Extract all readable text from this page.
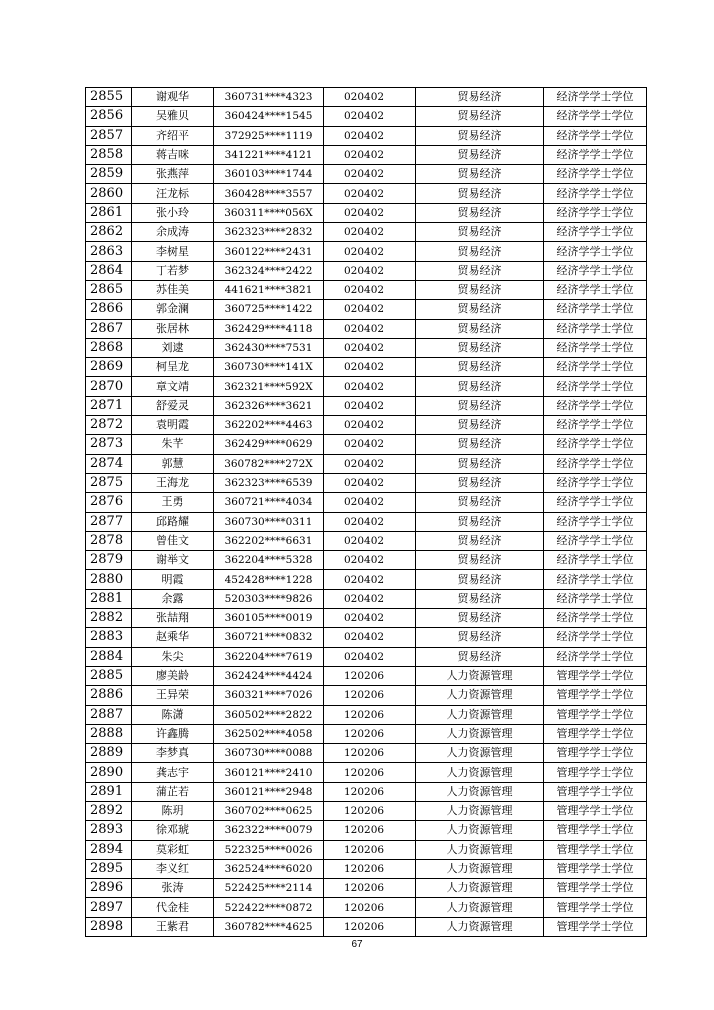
2855	谢观华	360731****4323	020402	贸易经济	经济学学士学位
2856	吴雅贝	360424****1545	020402	贸易经济	经济学学士学位
2857	齐绍平	372925****1119	020402	贸易经济	经济学学士学位
2858	蒋吉咪	341221****4121	020402	贸易经济	经济学学士学位
2859	张燕萍	360103****1744	020402	贸易经济	经济学学士学位
2860	汪龙标	360428****3557	020402	贸易经济	经济学学士学位
2861	张小玲	360311****056X	020402	贸易经济	经济学学士学位
2862	余成涛	362323****2832	020402	贸易经济	经济学学士学位
2863	李树星	360122****2431	020402	贸易经济	经济学学士学位
2864	丁若梦	362324****2422	020402	贸易经济	经济学学士学位
2865	苏佳美	441621****3821	020402	贸易经济	经济学学士学位
2866	郭金澜	360725****1422	020402	贸易经济	经济学学士学位
2867	张居林	362429****4118	020402	贸易经济	经济学学士学位
2868	刘逮	362430****7531	020402	贸易经济	经济学学士学位
2869	柯呈龙	360730****141X	020402	贸易经济	经济学学士学位
2870	章文靖	362321****592X	020402	贸易经济	经济学学士学位
2871	舒爱灵	362326****3621	020402	贸易经济	经济学学士学位
2872	袁明霞	362202****4463	020402	贸易经济	经济学学士学位
2873	朱芊	362429****0629	020402	贸易经济	经济学学士学位
2874	郭慧	360782****272X	020402	贸易经济	经济学学士学位
2875	王海龙	362323****6539	020402	贸易经济	经济学学士学位
2876	王勇	360721****4034	020402	贸易经济	经济学学士学位
2877	邱路耀	360730****0311	020402	贸易经济	经济学学士学位
2878	曾佳文	362202****6631	020402	贸易经济	经济学学士学位
2879	谢举文	362204****5328	020402	贸易经济	经济学学士学位
2880	明霞	452428****1228	020402	贸易经济	经济学学士学位
2881	余露	520303****9826	020402	贸易经济	经济学学士学位
2882	张喆翔	360105****0019	020402	贸易经济	经济学学士学位
2883	赵乘华	360721****0832	020402	贸易经济	经济学学士学位
2884	朱尖	362204****7619	020402	贸易经济	经济学学士学位
2885	廖美龄	362424****4424	120206	人力资源管理	管理学学士学位
2886	王异荣	360321****7026	120206	人力资源管理	管理学学士学位
2887	陈潇	360502****2822	120206	人力资源管理	管理学学士学位
2888	许鑫腾	362502****4058	120206	人力资源管理	管理学学士学位
2889	李梦真	360730****0088	120206	人力资源管理	管理学学士学位
2890	龚志宇	360121****2410	120206	人力资源管理	管理学学士学位
2891	蒲芷若	360121****2948	120206	人力资源管理	管理学学士学位
2892	陈玥	360702****0625	120206	人力资源管理	管理学学士学位
2893	徐邓琥	362322****0079	120206	人力资源管理	管理学学士学位
2894	莫彩虹	522325****0026	120206	人力资源管理	管理学学士学位
2895	李义红	362524****6020	120206	人力资源管理	管理学学士学位
2896	张涛	522425****2114	120206	人力资源管理	管理学学士学位
2897	代金桂	522422****0872	120206	人力资源管理	管理学学士学位
2898	王紫君	360782****4625	120206	人力资源管理	管理学学士学位
67
